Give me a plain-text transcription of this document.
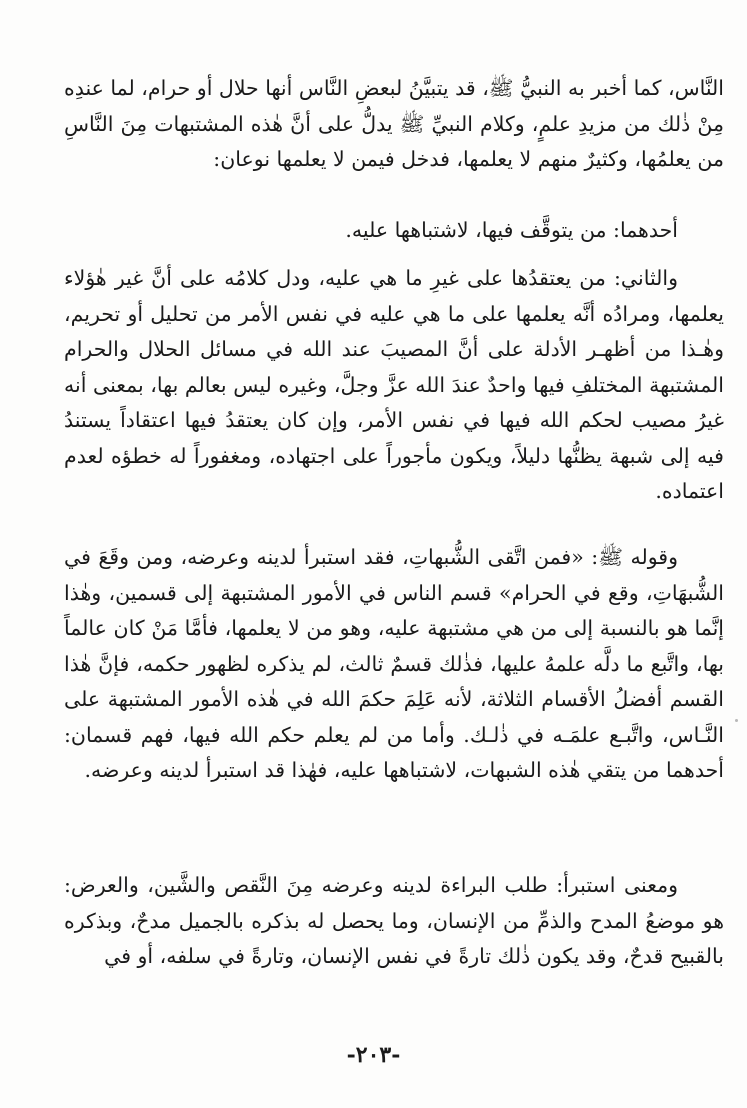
النَّاس، كما أخبر به النبيُّ ﷺ، قد يتبيَّنُ لبعضِ النَّاس أنها حلال أو حرام، لما عندِه مِنْ ذٰلك من مزيدِ علمٍ، وكلام النبيِّ ﷺ يدلُّ على أنَّ هٰذه المشتبهات مِنَ النَّاسِ من يعلمُها، وكثيرٌ منهم لا يعلمها، فدخل فيمن لا يعلمها نوعان:

أحدهما: من يتوقَّف فيها، لاشتباهها عليه.

والثاني: من يعتقدُها على غيرِ ما هي عليه، ودل كلامُه على أنَّ غير هٰؤلاء يعلمها، ومرادُه أنَّه يعلمها على ما هي عليه في نفس الأمر من تحليل أو تحريم، وهٰـذا من أظهـر الأدلة على أنَّ المصيبَ عند الله في مسائل الحلال والحرام المشتبهة المختلفِ فيها واحدٌ عندَ الله عزَّ وجلَّ، وغيره ليس بعالم بها، بمعنى أنه غيرُ مصيب لحكم الله فيها في نفس الأمر، وإن كان يعتقدُ فيها اعتقاداً يستندُ فيه إلى شبهة يظنُّها دليلاً، ويكون مأجوراً على اجتهاده، ومغفوراً له خطؤه لعدم اعتماده.

وقوله ﷺ: «فمن اتَّقى الشُّبهاتِ، فقد استبرأ لدينه وعرضه، ومن وقَعَ في الشُّبهَاتِ، وقع في الحرام» قسم الناس في الأمور المشتبهة إلى قسمين، وهٰذا إنَّما هو بالنسبة إلى من هي مشتبهة عليه، وهو من لا يعلمها، فأمَّا مَنْ كان عالماً بها، واتَّبع ما دلَّه علمهُ عليها، فذٰلك قسمٌ ثالث، لم يذكره لظهور حكمه، فإنَّ هٰذا القسم أفضلُ الأقسام الثلاثة، لأنه عَلِمَ حكمَ الله في هٰذه الأمور المشتبهة على النَّـاس، واتَّبـع علمَـه في ذٰلـك. وأما من لم يعلم حكم الله فيها، فهم قسمان: أحدهما من يتقي هٰذه الشبهات، لاشتباهها عليه، فهٰذا قد استبرأ لدينه وعرضه.

ومعنى استبرأ: طلب البراءة لدينه وعرضه مِنَ النَّقص والشَّين، والعرض: هو موضعُ المدح والذمِّ من الإنسان، وما يحصل له بذكره بالجميل مدحٌ، وبذكره بالقبيح قدحٌ، وقد يكون ذٰلك تارةً في نفس الإنسان، وتارةً في سلفه، أو في

-٢٠٣-
